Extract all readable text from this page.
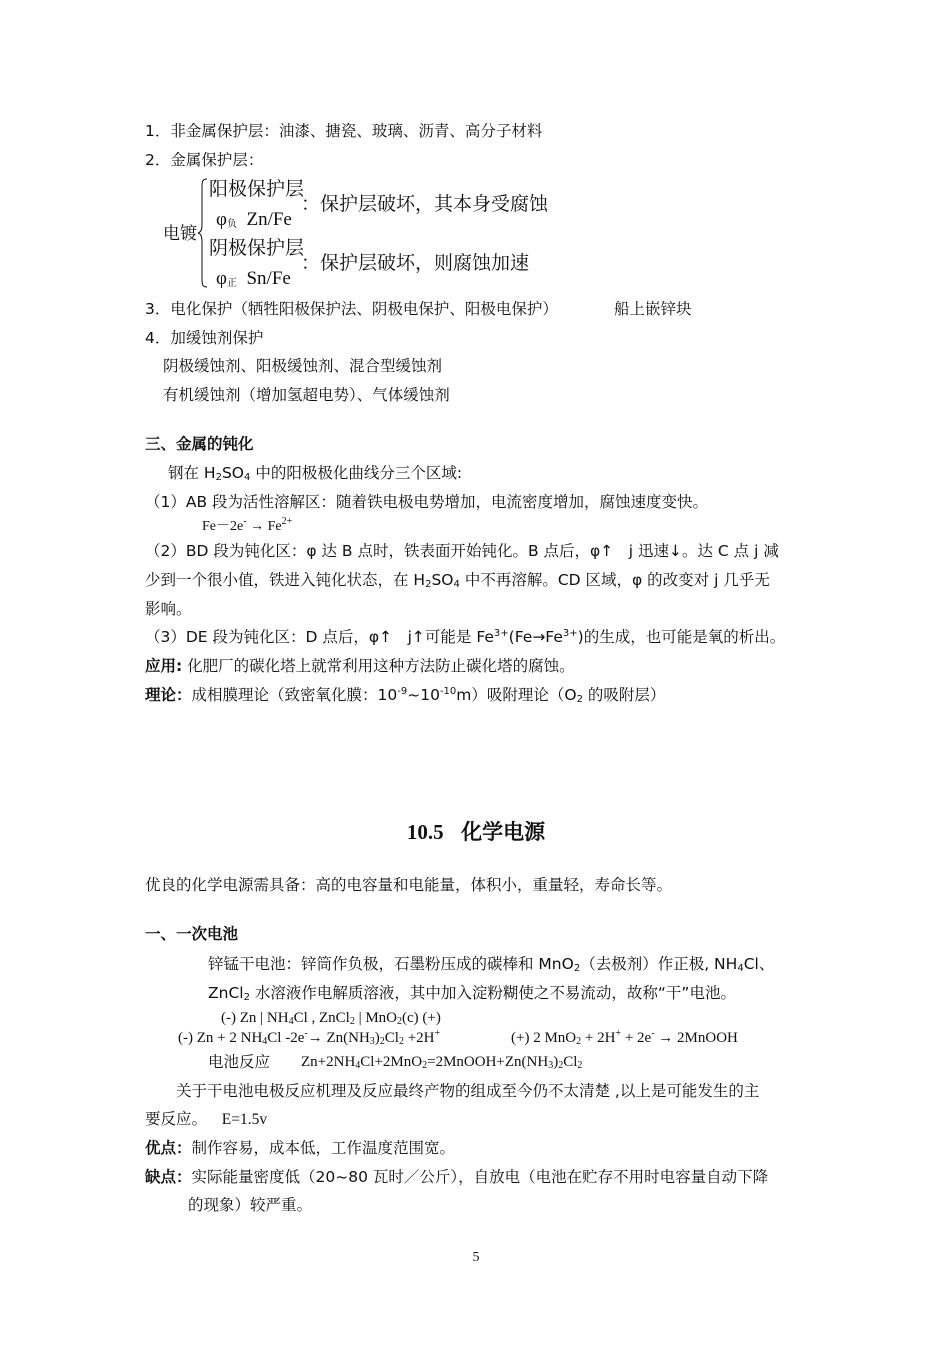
1．非金属保护层：油漆、搪瓷、玻璃、沥青、高分子材料
2．金属保护层：
电镀
阳极保护层
$\varphi_负$ Zn/Fe
：保护层破坏，其本身受腐蚀
阴极保护层
$\varphi_正$ Sn/Fe
：保护层破坏，则腐蚀加速
3．电化保护（牺牲阳极保护法、阴极电保护、阳极电保护）	船上嵌锌块
4．加缓蚀剂保护
阴极缓蚀剂、阳极缓蚀剂、混合型缓蚀剂
有机缓蚀剂（增加氢超电势）、气体缓蚀剂
三、金属的钝化
钢在 $H_2SO_4$ 中的阳极极化曲线分三个区域:
（1）AB 段为活性溶解区：随着铁电极电势增加，电流密度增加，腐蚀速度变快。
$Fe-2e^- \to Fe^{2+}$
（2）BD 段为钝化区：φ 达 B 点时，铁表面开始钝化。B 点后，φ↑　j 迅速↓。达 C 点 j 减
少到一个很小值，铁进入钝化状态，在 $H_2SO_4$ 中不再溶解。CD 区域，φ 的改变对 j 几乎无
影响。
（3）DE 段为钝化区：D 点后，φ↑　j↑可能是 $Fe^{3+}(Fe\to Fe^{3+})$的生成，也可能是氧的析出。
应用: 化肥厂的碳化塔上就常利用这种方法防止碳化塔的腐蚀。
理论：成相膜理论（致密氧化膜：$10^{-9}\sim 10^{-10}m$）吸附理论（$O_2$ 的吸附层）
10.5 化学电源
优良的化学电源需具备：高的电容量和电能量，体积小，重量轻，寿命长等。
一、一次电池
锌锰干电池：锌筒作负极，石墨粉压成的碳棒和 MnO$_2$（去极剂）作正极, $NH_4Cl$、
ZnCl$_2$ 水溶液作电解质溶液，其中加入淀粉糊使之不易流动，故称“干”电池。
(-) Zn | $NH_4Cl$ , ZnCl$_2$ | MnO$_2$(c) (+)
(-) Zn + 2 $NH_4Cl$ $-2e^-\to Zn(NH_3)_2Cl_2 +2H^+$	(+) 2 MnO$_2$ + 2H+ + 2e- → 2MnOOH
电池反应 $Zn+2NH_4Cl+2MnO_2=2MnOOH+Zn(NH_3)_2Cl_2$
关于干电池电极反应机理及反应最终产物的组成至今仍不太清楚 ,以上是可能发生的主
要反应。 E=1.5v
优点：制作容易，成本低，工作温度范围宽。
缺点：实际能量密度低（20~80 瓦时／公斤），自放电（电池在贮存不用时电容量自动下降
的现象）较严重。
5
